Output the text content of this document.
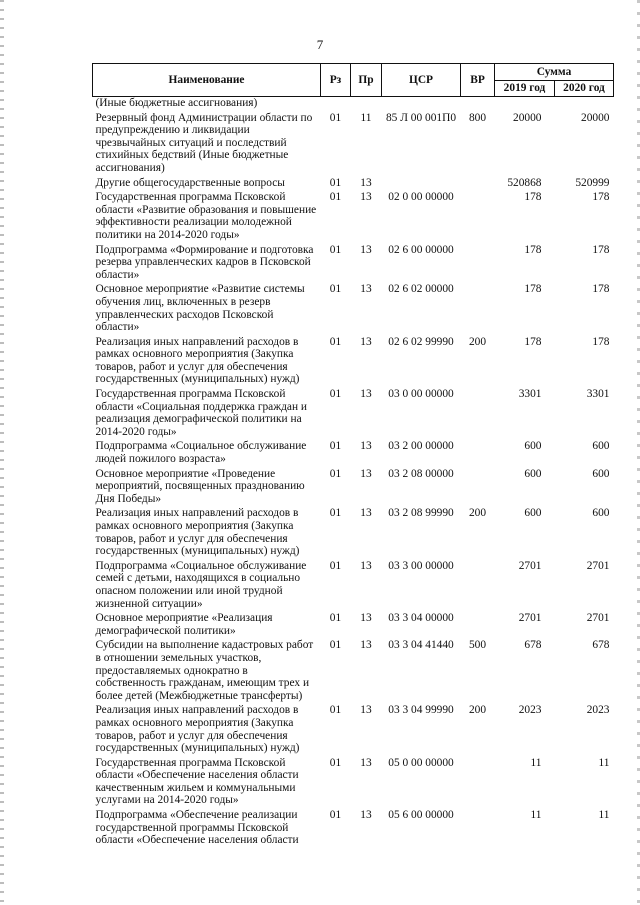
7
Наименование	Рз	Пр	ЦСР	ВР	Сумма	
					2019 год	2020 год
(Иные бюджетные ассигнования)						
Резервный фонд Администрации области по предупреждению и ликвидации чрезвычайных ситуаций и последствий стихийных бедствий (Иные бюджетные ассигнования)	01	11	85 Л 00 001П0	800	20000	20000
Другие общегосударственные вопросы	01	13			520868	520999
Государственная программа Псковской области «Развитие образования и повышение эффективности реализации молодежной политики на 2014-2020 годы»	01	13	02 0 00 00000		178	178
Подпрограмма «Формирование и подготовка резерва управленческих кадров в Псковской области»	01	13	02 6 00 00000		178	178
Основное мероприятие «Развитие системы обучения лиц, включенных в резерв управленческих расходов Псковской области»	01	13	02 6 02 00000		178	178
Реализация иных направлений расходов в рамках основного мероприятия (Закупка товаров, работ и услуг для обеспечения государственных (муниципальных) нужд)	01	13	02 6 02 99990	200	178	178
Государственная программа Псковской области «Социальная поддержка граждан и реализация демографической политики на 2014-2020 годы»	01	13	03 0 00 00000		3301	3301
Подпрограмма «Социальное обслуживание людей пожилого возраста»	01	13	03 2 00 00000		600	600
Основное мероприятие «Проведение мероприятий, посвященных празднованию Дня Победы»	01	13	03 2 08 00000		600	600
Реализация иных направлений расходов в рамках основного мероприятия (Закупка товаров, работ и услуг для обеспечения государственных (муниципальных) нужд)	01	13	03 2 08 99990	200	600	600
Подпрограмма «Социальное обслуживание семей с детьми, находящихся в социально опасном положении или иной трудной жизненной ситуации»	01	13	03 3 00 00000		2701	2701
Основное мероприятие «Реализация демографической политики»	01	13	03 3 04 00000		2701	2701
Субсидии на выполнение кадастровых работ в отношении земельных участков, предоставляемых однократно в собственность гражданам, имеющим трех и более детей (Межбюджетные трансферты)	01	13	03 3 04 41440	500	678	678
Реализация иных направлений расходов в рамках основного мероприятия (Закупка товаров, работ и услуг для обеспечения государственных (муниципальных) нужд)	01	13	03 3 04 99990	200	2023	2023
Государственная программа Псковской области «Обеспечение населения области качественным жильем и коммунальными услугами на 2014-2020 годы»	01	13	05 0 00 00000		11	11
Подпрограмма «Обеспечение реализации государственной программы Псковской области «Обеспечение населения области	01	13	05 6 00 00000		11	11
